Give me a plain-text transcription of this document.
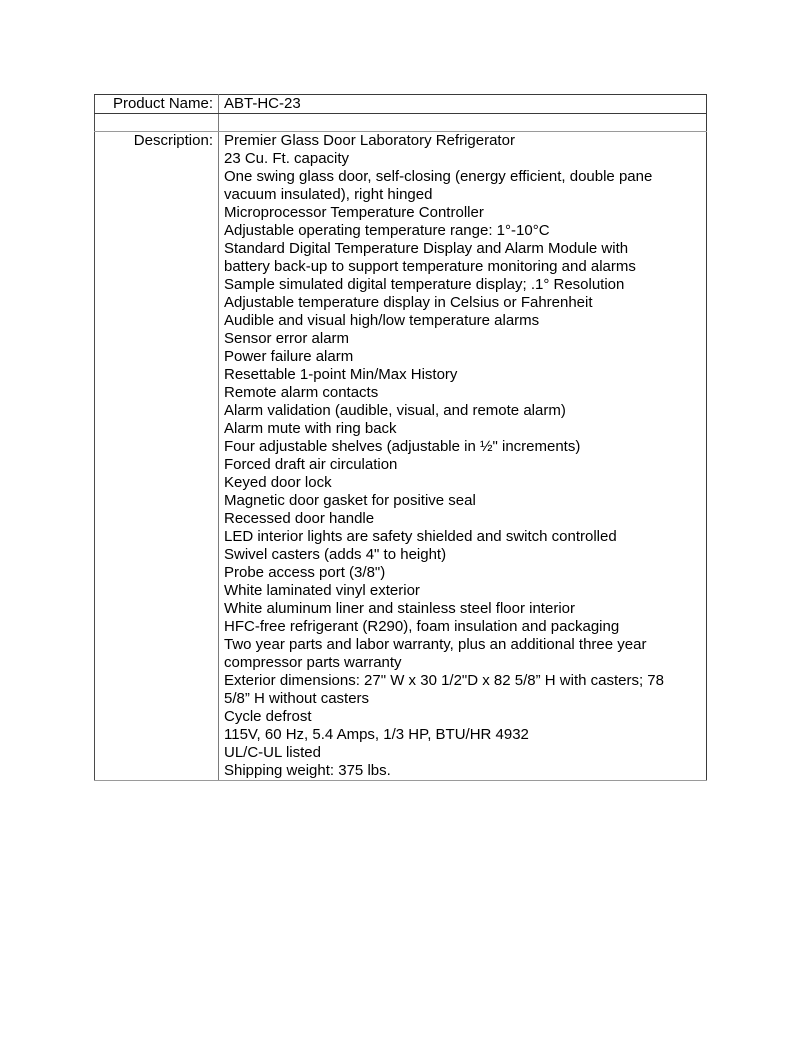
Product Name:	ABT-HC-23

Description:	Premier Glass Door Laboratory Refrigerator
23 Cu. Ft. capacity
One swing glass door, self-closing (energy efficient, double pane
vacuum insulated), right hinged
Microprocessor Temperature Controller
Adjustable operating temperature range: 1°-10°C
Standard Digital Temperature Display and Alarm Module with
battery back-up to support temperature monitoring and alarms
Sample simulated digital temperature display; .1° Resolution
Adjustable temperature display in Celsius or Fahrenheit
Audible and visual high/low temperature alarms
Sensor error alarm
Power failure alarm
Resettable 1-point Min/Max History
Remote alarm contacts
Alarm validation (audible, visual, and remote alarm)
Alarm mute with ring back
Four adjustable shelves (adjustable in ½" increments)
Forced draft air circulation
Keyed door lock
Magnetic door gasket for positive seal
Recessed door handle
LED interior lights are safety shielded and switch controlled
Swivel casters (adds 4" to height)
Probe access port (3/8")
White laminated vinyl exterior
White aluminum liner and stainless steel floor interior
HFC-free refrigerant (R290), foam insulation and packaging
Two year parts and labor warranty, plus an additional three year
compressor parts warranty
Exterior dimensions: 27" W x 30 1/2"D x 82 5/8” H with casters; 78
5/8” H without casters
Cycle defrost
115V, 60 Hz, 5.4 Amps, 1/3 HP, BTU/HR 4932
UL/C-UL listed
Shipping weight: 375 lbs.
